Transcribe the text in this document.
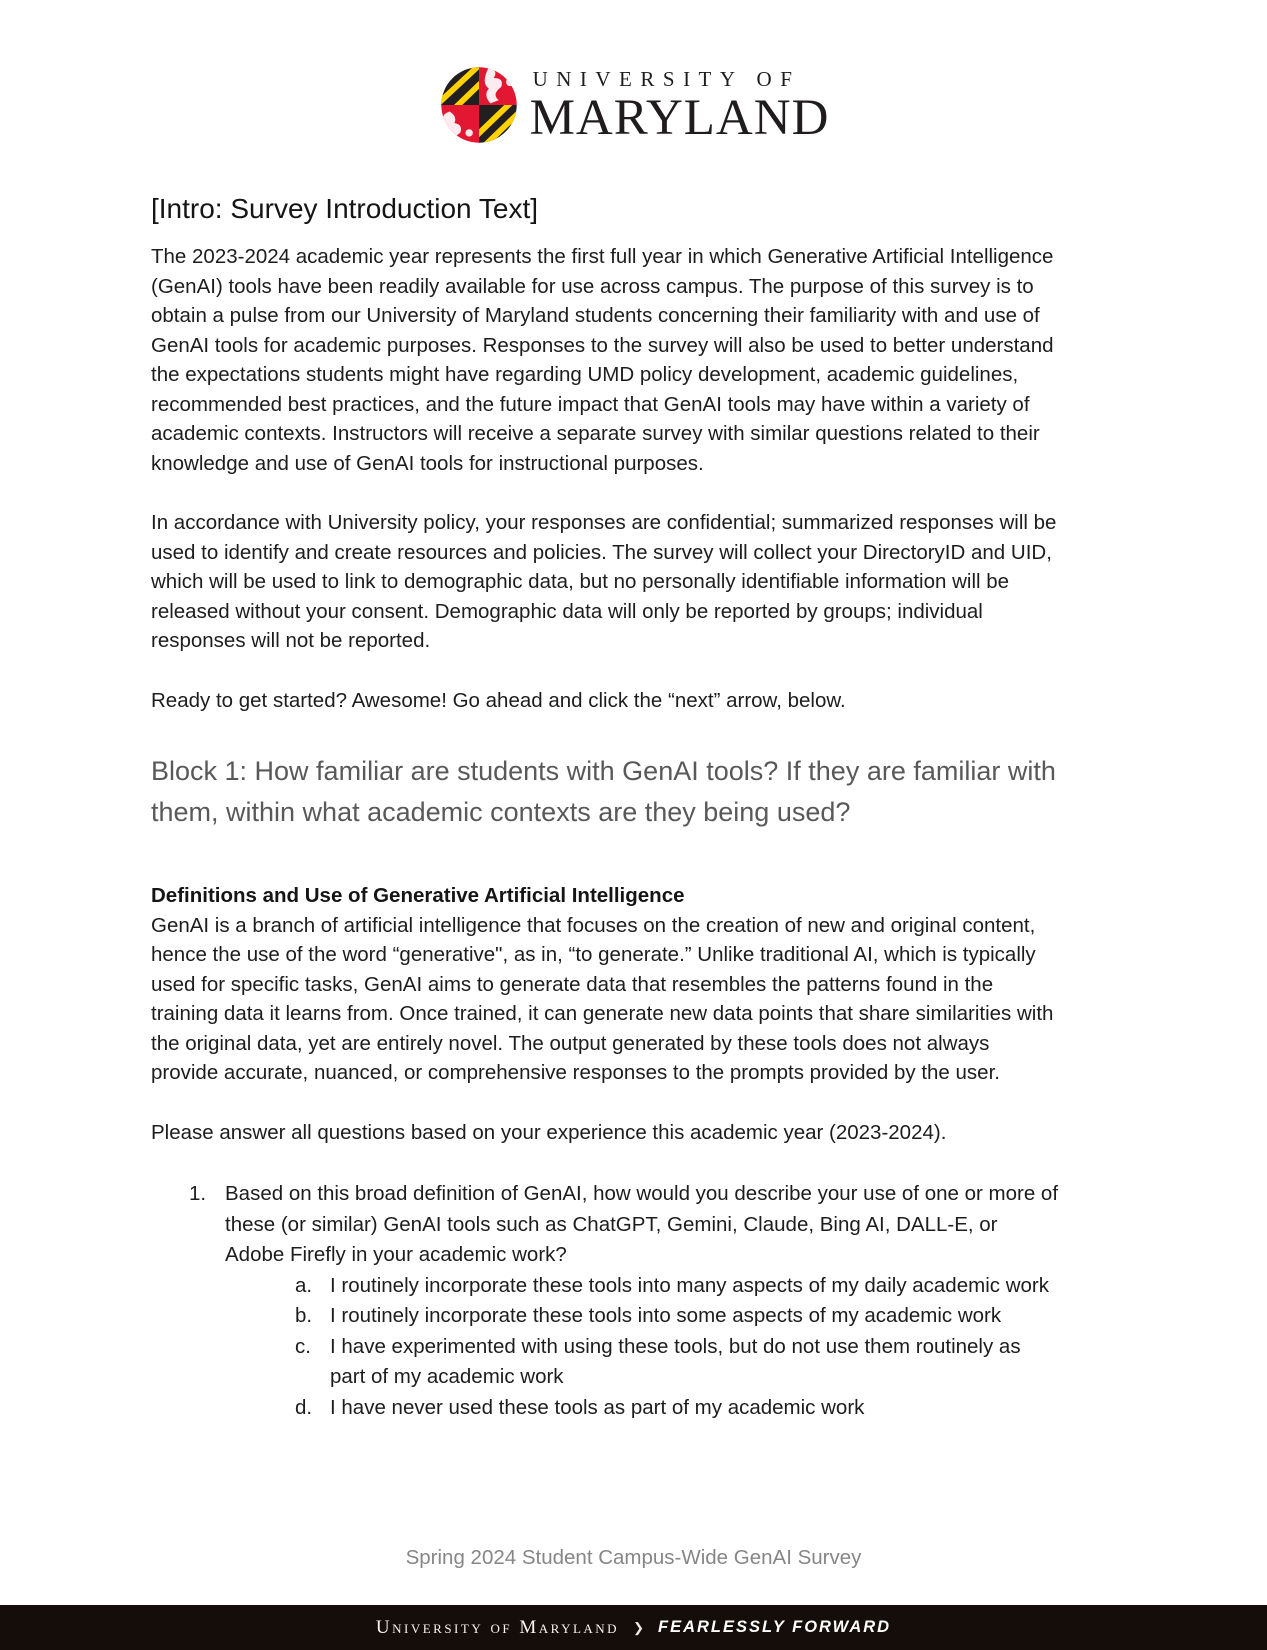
UNIVERSITY OF
MARYLAND
[Intro: Survey Introduction Text]

The 2023-2024 academic year represents the first full year in which Generative Artificial Intelligence (GenAI) tools have been readily available for use across campus. The purpose of this survey is to obtain a pulse from our University of Maryland students concerning their familiarity with and use of GenAI tools for academic purposes. Responses to the survey will also be used to better understand the expectations students might have regarding UMD policy development, academic guidelines, recommended best practices, and the future impact that GenAI tools may have within a variety of academic contexts. Instructors will receive a separate survey with similar questions related to their knowledge and use of GenAI tools for instructional purposes.

In accordance with University policy, your responses are confidential; summarized responses will be used to identify and create resources and policies. The survey will collect your DirectoryID and UID, which will be used to link to demographic data, but no personally identifiable information will be released without your consent. Demographic data will only be reported by groups; individual responses will not be reported.

Ready to get started? Awesome! Go ahead and click the “next” arrow, below.

Block 1: How familiar are students with GenAI tools? If they are familiar with them, within what academic contexts are they being used?
Definitions and Use of Generative Artificial Intelligence

GenAI is a branch of artificial intelligence that focuses on the creation of new and original content, hence the use of the word “generative", as in, “to generate.” Unlike traditional AI, which is typically used for specific tasks, GenAI aims to generate data that resembles the patterns found in the training data it learns from. Once trained, it can generate new data points that share similarities with the original data, yet are entirely novel. The output generated by these tools does not always provide accurate, nuanced, or comprehensive responses to the prompts provided by the user.

Please answer all questions based on your experience this academic year (2023-2024).

1. Based on this broad definition of GenAI, how would you describe your use of one or more of these (or similar) GenAI tools such as ChatGPT, Gemini, Claude, Bing AI, DALL-E, or Adobe Firefly in your academic work?
a. I routinely incorporate these tools into many aspects of my daily academic work
b. I routinely incorporate these tools into some aspects of my academic work
c. I have experimented with using these tools, but do not use them routinely as part of my academic work
d. I have never used these tools as part of my academic work
Spring 2024 Student Campus-Wide GenAI Survey
University of Maryland ❯ FEARLESSLY FORWARD
